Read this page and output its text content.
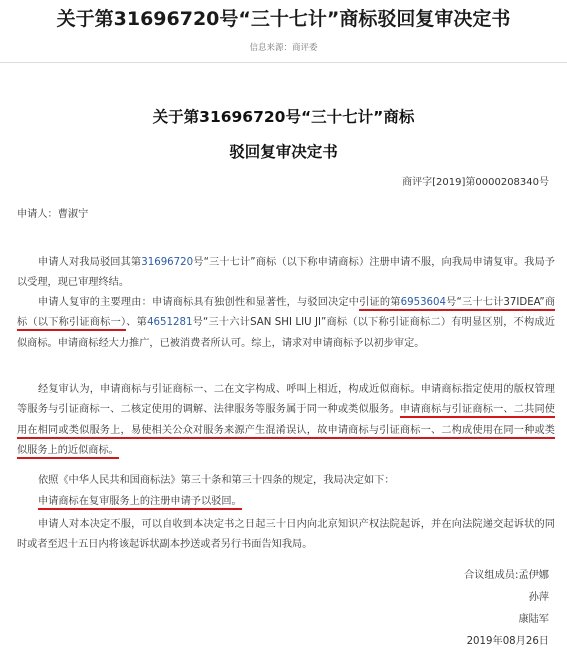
关于第31696720号“三十七计”商标驳回复审决定书
信息来源：商评委
关于第31696720号“三十七计”商标
驳回复审决定书
商评字[2019]第0000208340号
申请人：曹淑宁
申请人对我局驳回其第31696720号“三十七计”商标（以下称申请商标）注册申请不服，向我局申请复审。我局予以受理，现已审理终结。
申请人复审的主要理由：申请商标具有独创性和显著性，与驳回决定中引证的第6953604号“三十七计37IDEA”商标（以下称引证商标一）、第4651281号“三十六计SAN SHI LIU JI”商标（以下称引证商标二）有明显区别，不构成近似商标。申请商标经大力推广，已被消费者所认可。综上，请求对申请商标予以初步审定。
经复审认为，申请商标与引证商标一、二在文字构成、呼叫上相近，构成近似商标。申请商标指定使用的版权管理等服务与引证商标一、二核定使用的调解、法律服务等服务属于同一种或类似服务。申请商标与引证商标一、二共同使用在相同或类似服务上，易使相关公众对服务来源产生混淆误认，故申请商标与引证商标一、二构成使用在同一种或类似服务上的近似商标。
依照《中华人民共和国商标法》第三十条和第三十四条的规定，我局决定如下：
申请商标在复审服务上的注册申请予以驳回。
申请人对本决定不服，可以自收到本决定书之日起三十日内向北京知识产权法院起诉，并在向法院递交起诉状的同时或者至迟十五日内将该起诉状副本抄送或者另行书面告知我局。
合议组成员:孟伊娜
孙萍
康陆军
2019年08月26日
